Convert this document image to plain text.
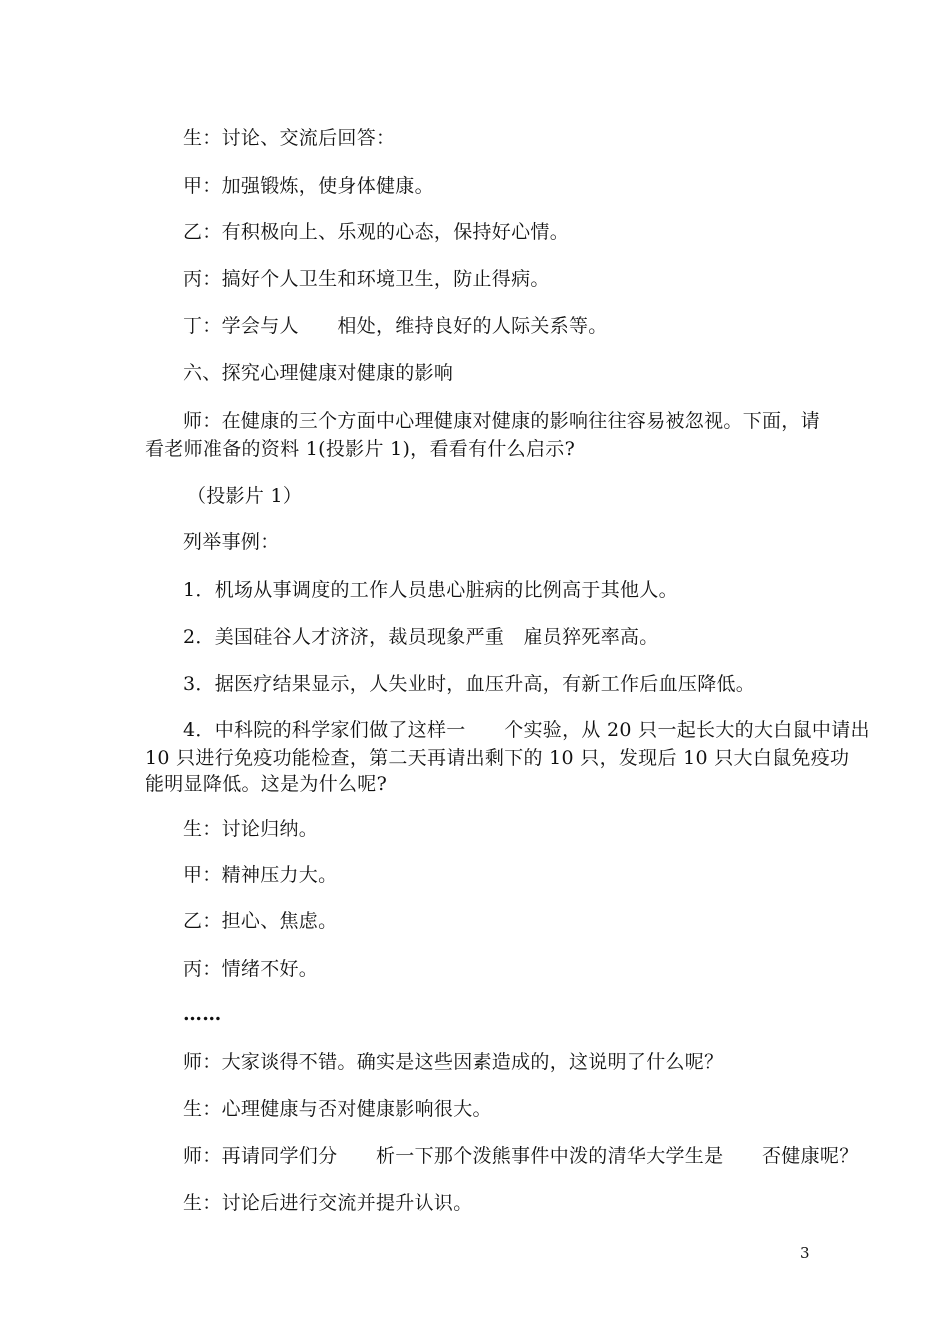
生：讨论、交流后回答：
甲：加强锻炼，使身体健康。
乙：有积极向上、乐观的心态，保持好心情。
丙：搞好个人卫生和环境卫生，防止得病。
丁：学会与人　　相处，维持良好的人际关系等。
六、探究心理健康对健康的影响
师：在健康的三个方面中心理健康对健康的影响往往容易被忽视。下面，请
看老师准备的资料 1(投影片 1)，看看有什么启示?
（投影片 1）
列举事例：
1．机场从事调度的工作人员患心脏病的比例高于其他人。
2．美国硅谷人才济济，裁员现象严重　雇员猝死率高。
3．据医疗结果显示，人失业时，血压升高，有新工作后血压降低。
4．中科院的科学家们做了这样一　　个实验，从 20 只一起长大的大白鼠中请出
10 只进行免疫功能检查，第二天再请出剩下的 10 只，发现后 10 只大白鼠免疫功
能明显降低。这是为什么呢?
生：讨论归纳。
甲：精神压力大。
乙：担心、焦虑。
丙：情绪不好。
……
师：大家谈得不错。确实是这些因素造成的，这说明了什么呢？
生：心理健康与否对健康影响很大。
师：再请同学们分　　析一下那个泼熊事件中泼的清华大学生是　　否健康呢？
生：讨论后进行交流并提升认识。
3
